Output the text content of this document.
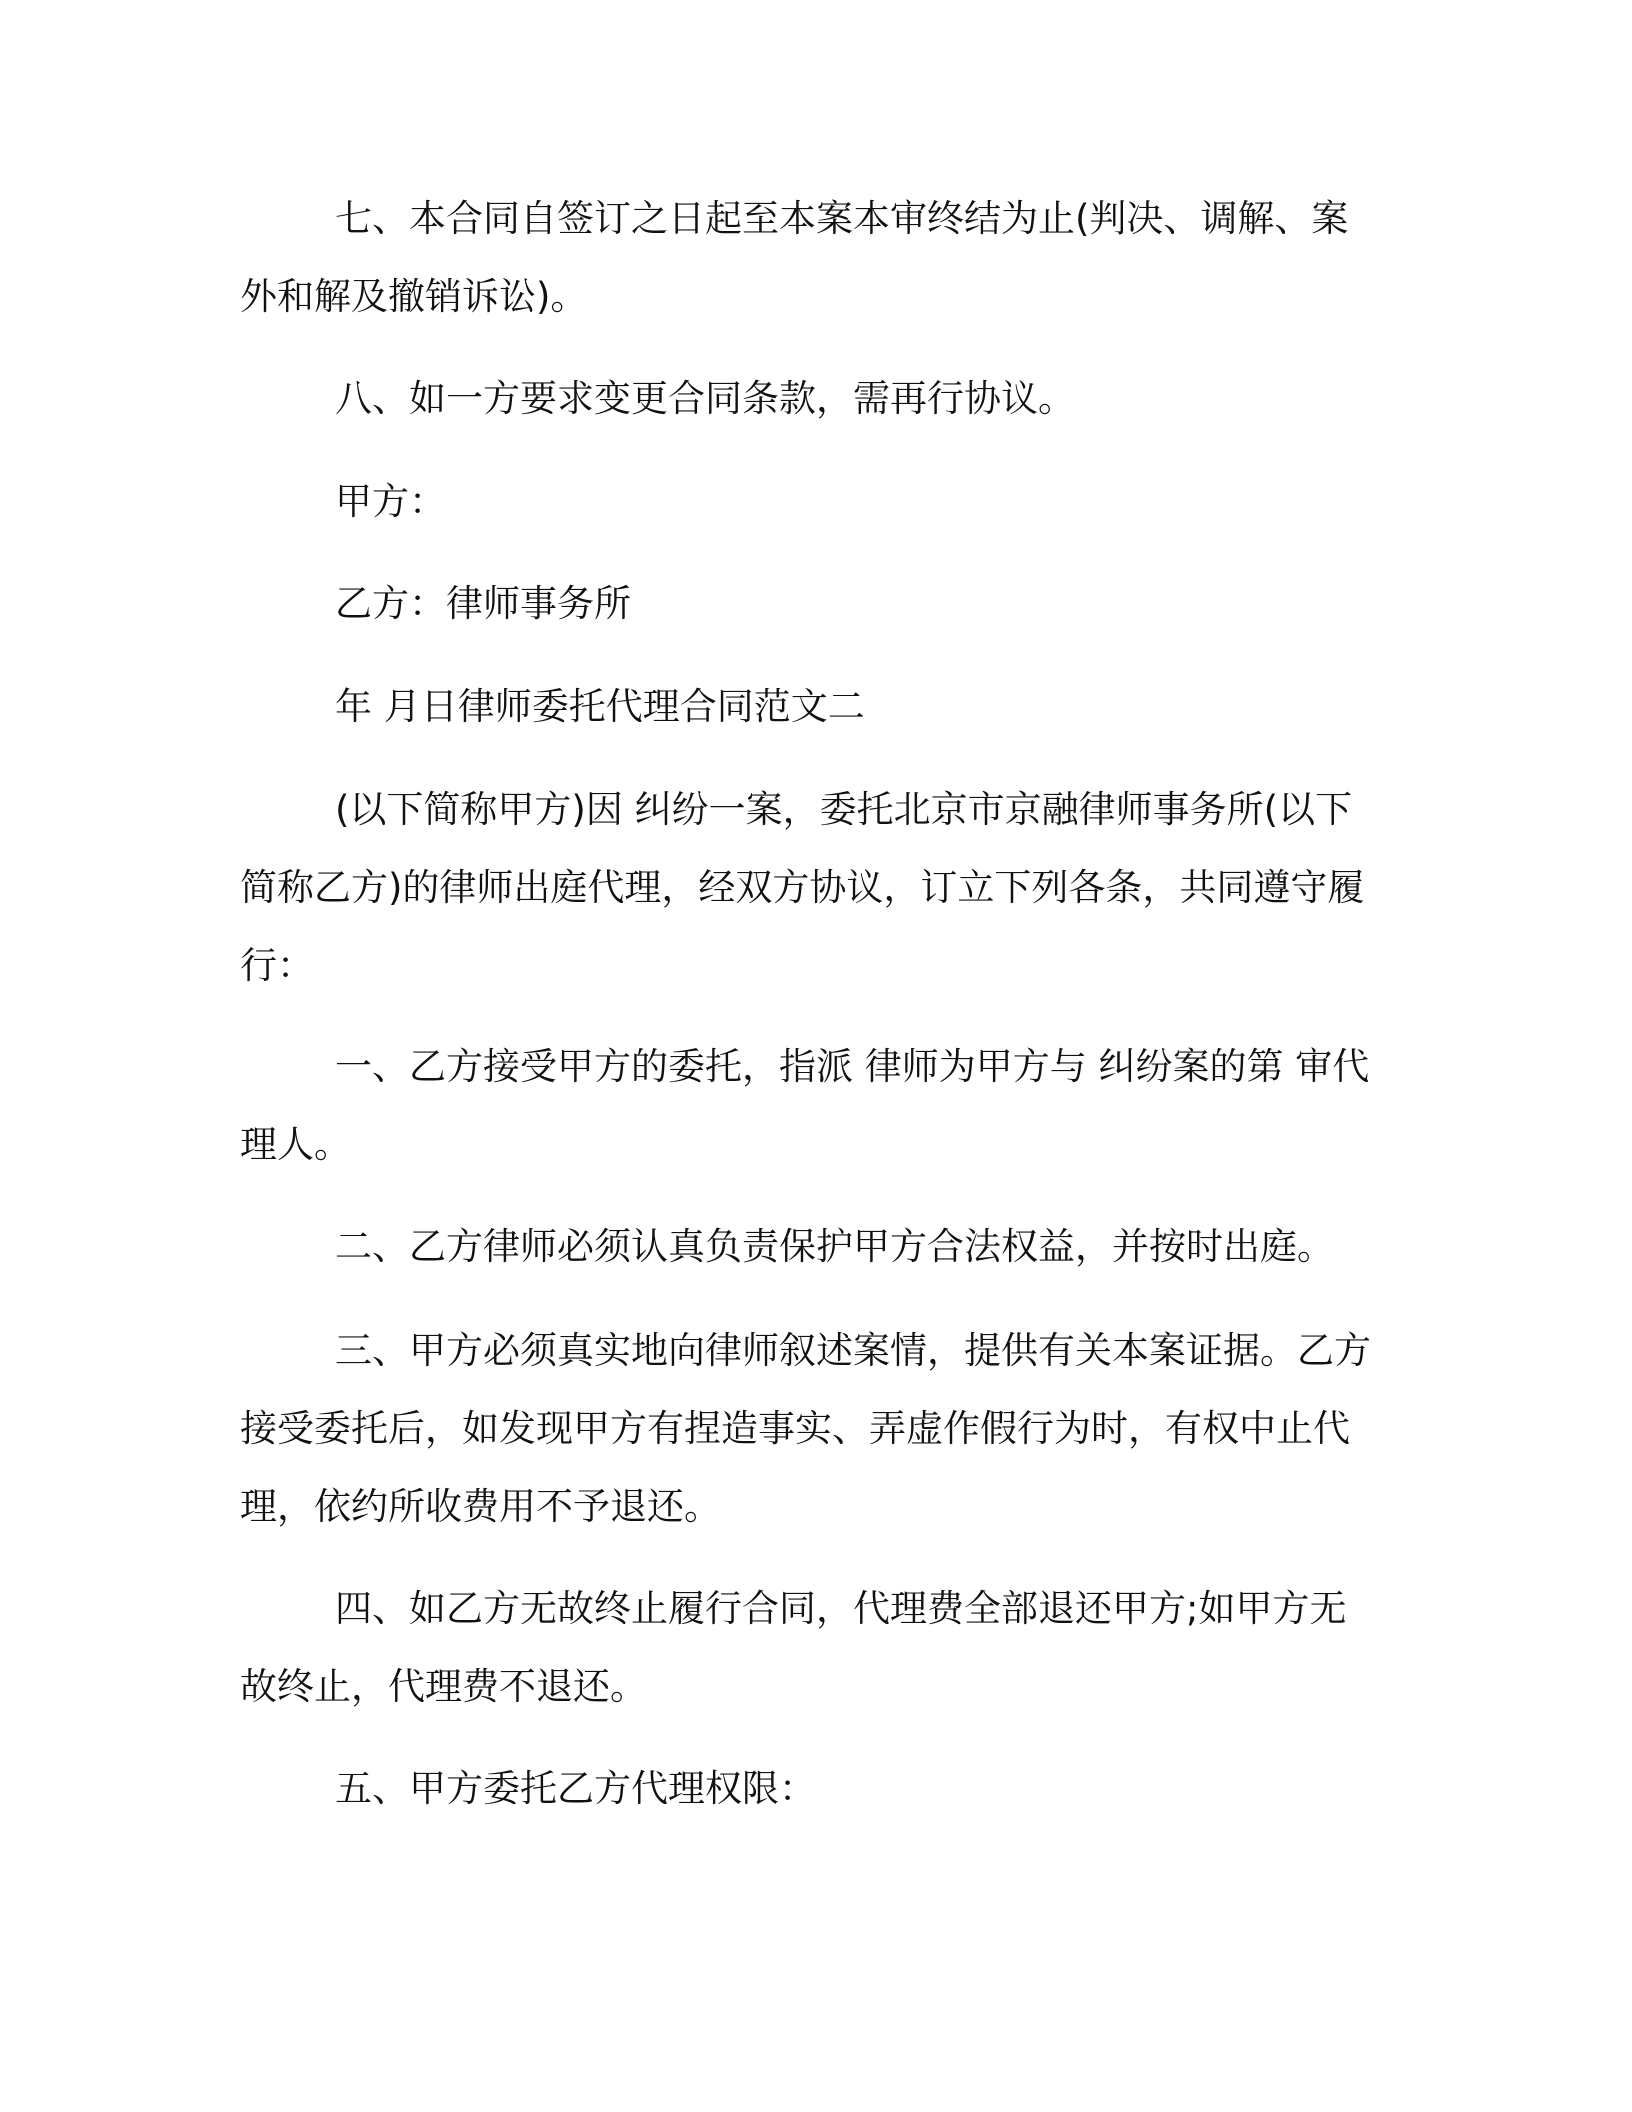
七、本合同自签订之日起至本案本审终结为止(判决、调解、案外和解及撤销诉讼)。

八、如一方要求变更合同条款，需再行协议。

甲方：

乙方：律师事务所

年 月日律师委托代理合同范文二

(以下简称甲方)因 纠纷一案，委托北京市京融律师事务所(以下简称乙方)的律师出庭代理，经双方协议，订立下列各条，共同遵守履行：

一、乙方接受甲方的委托，指派 律师为甲方与 纠纷案的第 审代理人。

二、乙方律师必须认真负责保护甲方合法权益，并按时出庭。

三、甲方必须真实地向律师叙述案情，提供有关本案证据。乙方接受委托后，如发现甲方有捏造事实、弄虚作假行为时，有权中止代理，依约所收费用不予退还。

四、如乙方无故终止履行合同，代理费全部退还甲方;如甲方无故终止，代理费不退还。

五、甲方委托乙方代理权限：
